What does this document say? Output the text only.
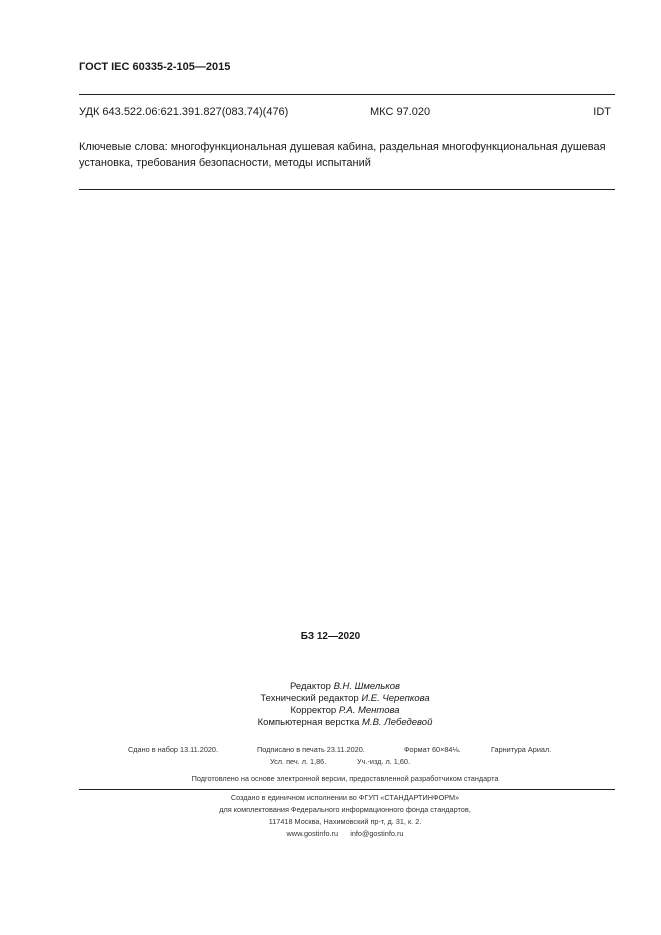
ГОСТ IEC 60335-2-105—2015
УДК 643.522.06:621.391.827(083.74)(476)	МКС 97.020	IDT
Ключевые слова: многофункциональная душевая кабина, раздельная многофункциональная душевая установка, требования безопасности, методы испытаний
БЗ 12—2020
Редактор В.Н. Шмельков
Технический редактор И.Е. Черепкова
Корректор Р.А. Ментова
Компьютерная верстка М.В. Лебедевой
Сдано в набор 13.11.2020.	Подписано в печать 23.11.2020.	Формат 60×84⅛.	Гарнитура Ариал.
Усл. печ. л. 1,86.	Уч.-изд. л. 1,60.
Подготовлено на основе электронной версии, предоставленной разработчиком стандарта
Создано в единичном исполнении во ФГУП «СТАНДАРТИНФОРМ»
для комплектования Федерального информационного фонда стандартов,
117418 Москва, Нахимовский пр-т, д. 31, к. 2.
www.gostinfo.ru      info@gostinfo.ru
